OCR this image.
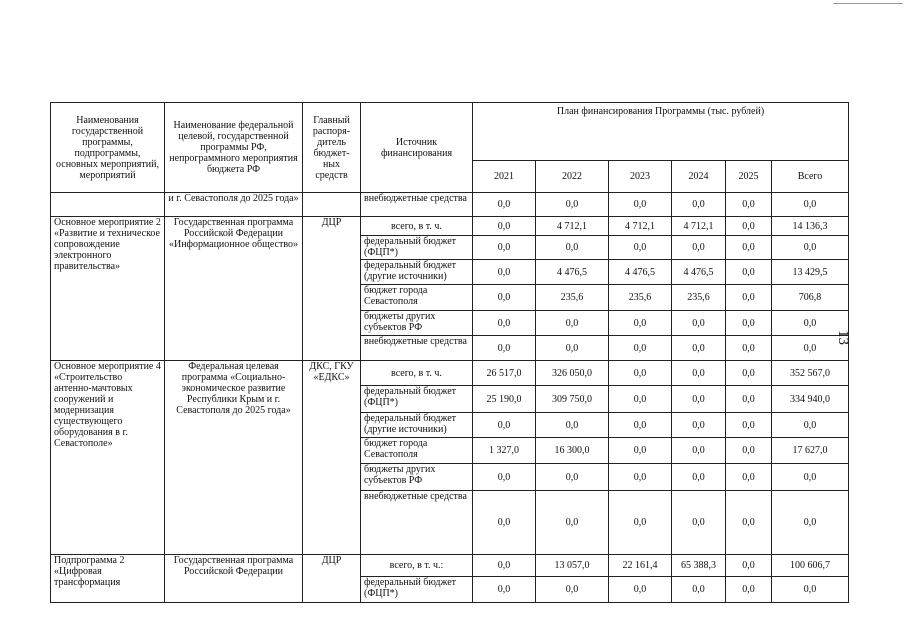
Наименования государственной программы, подпрограммы, основных мероприятий, мероприятий	Наименование федеральной целевой, государственной программы РФ, непрограммного мероприятия бюджета РФ	Главный распоря-дитель бюджет-ных средств	Источник финансирования	План финансирования Программы (тыс. рублей)					
				2021	2022	2023	2024	2025	Всего
	и г. Севастополя до 2025 года»		внебюджетные средства	0,0	0,0	0,0	0,0	0,0	0,0
Основное мероприятие 2 «Развитие и техническое сопровождение электронного правительства»	Государственная программа Российской Федерации «Информационное общество»	ДЦР	всего, в т. ч.	0,0	4 712,1	4 712,1	4 712,1	0,0	14 136,3
			федеральный бюджет (ФЦП*)	0,0	0,0	0,0	0,0	0,0	0,0
			федеральный бюджет (другие источники)	0,0	4 476,5	4 476,5	4 476,5	0,0	13 429,5
			бюджет города Севастополя	0,0	235,6	235,6	235,6	0,0	706,8
			бюджеты других субъектов РФ	0,0	0,0	0,0	0,0	0,0	0,0
			внебюджетные средства	0,0	0,0	0,0	0,0	0,0	0,0
Основное мероприятие 4 «Строительство антенно-мачтовых сооружений и модернизация существующего оборудования в г. Севастополе»	Федеральная целевая программа «Социально-экономическое развитие Республики Крым и г. Севастополя до 2025 года»	ДКС, ГКУ «ЕДКС»	всего, в т. ч.	26 517,0	326 050,0	0,0	0,0	0,0	352 567,0
			федеральный бюджет (ФЦП*)	25 190,0	309 750,0	0,0	0,0	0,0	334 940,0
			федеральный бюджет (другие источники)	0,0	0,0	0,0	0,0	0,0	0,0
			бюджет города Севастополя	1 327,0	16 300,0	0,0	0,0	0,0	17 627,0
			бюджеты других субъектов РФ	0,0	0,0	0,0	0,0	0,0	0,0
			внебюджетные средства	0,0	0,0	0,0	0,0	0,0	0,0
Подпрограмма 2 «Цифровая трансформация	Государственная программа Российской Федерации	ДЦР	всего, в т. ч.:	0,0	13 057,0	22 161,4	65 388,3	0,0	100 606,7
			федеральный бюджет (ФЦП*)	0,0	0,0	0,0	0,0	0,0	0,0
13
